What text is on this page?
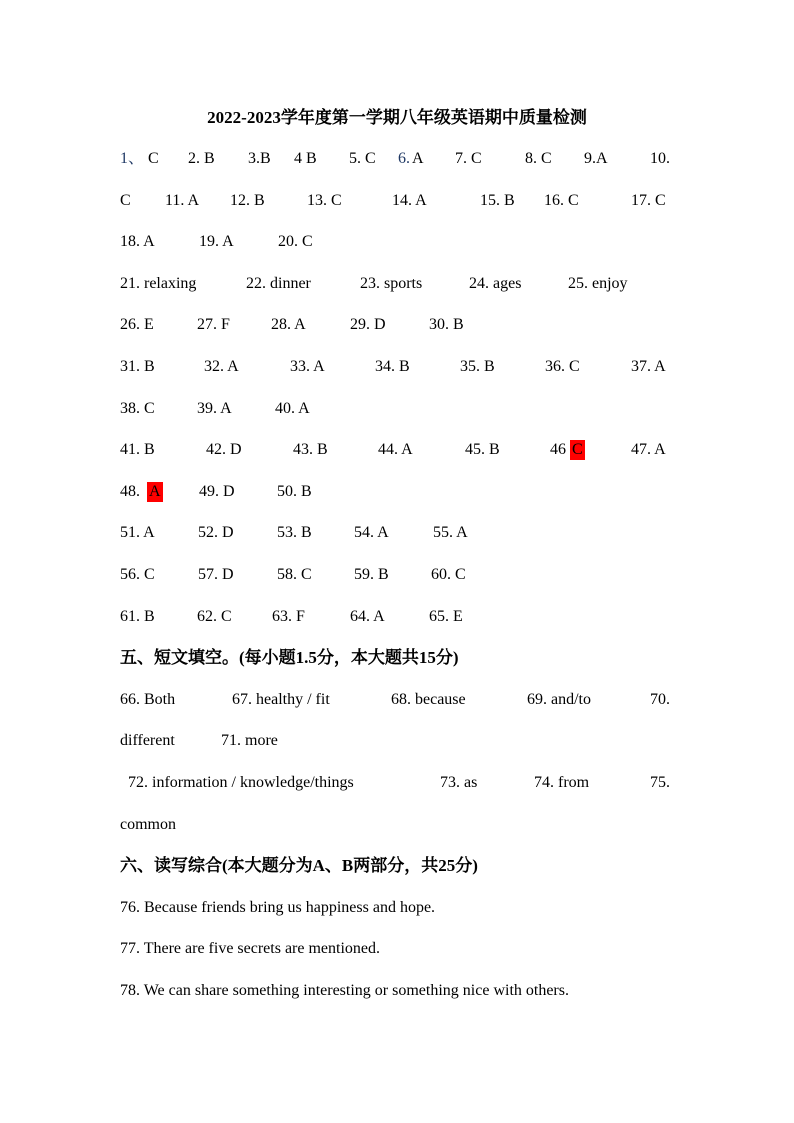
2022-2023学年度第一学期八年级英语期中质量检测
1、 C 2. B 3.B 4 B 5. C 6. A 7. C	8. C 9.A	10.
C 11. A 12. B	13. C	14. A	15. B 16. C	17. C
18. A	19. A	20. C
21. relaxing	22. dinner	23. sports	24. ages	25. enjoy
26. E	27. F	28. A	29. D	30. B
31. B	32. A	33. A	34. B	35. B	36. C	37. A
38. C	39. A	40. A
41. B	42. D	43. B	44. A	45. B	46 C	47. A
48. A 49. D	50. B
51. A	52. D	53. B	54. A	55. A
56. C	57. D	58. C	59. B	60. C
61. B	62. C	63. F	64. A	65. E
五、短文填空。(每小题1.5分，本大题共15分)
66. Both	67. healthy / fit	68. because	69. and/to	70.
different	71. more
72. information / knowledge/things	73. as	74. from	75.
common
六、读写综合(本大题分为A、B两部分，共25分)
76. Because friends bring us happiness and hope.
77. There are five secrets are mentioned.
78. We can share something interesting or something nice with others.
